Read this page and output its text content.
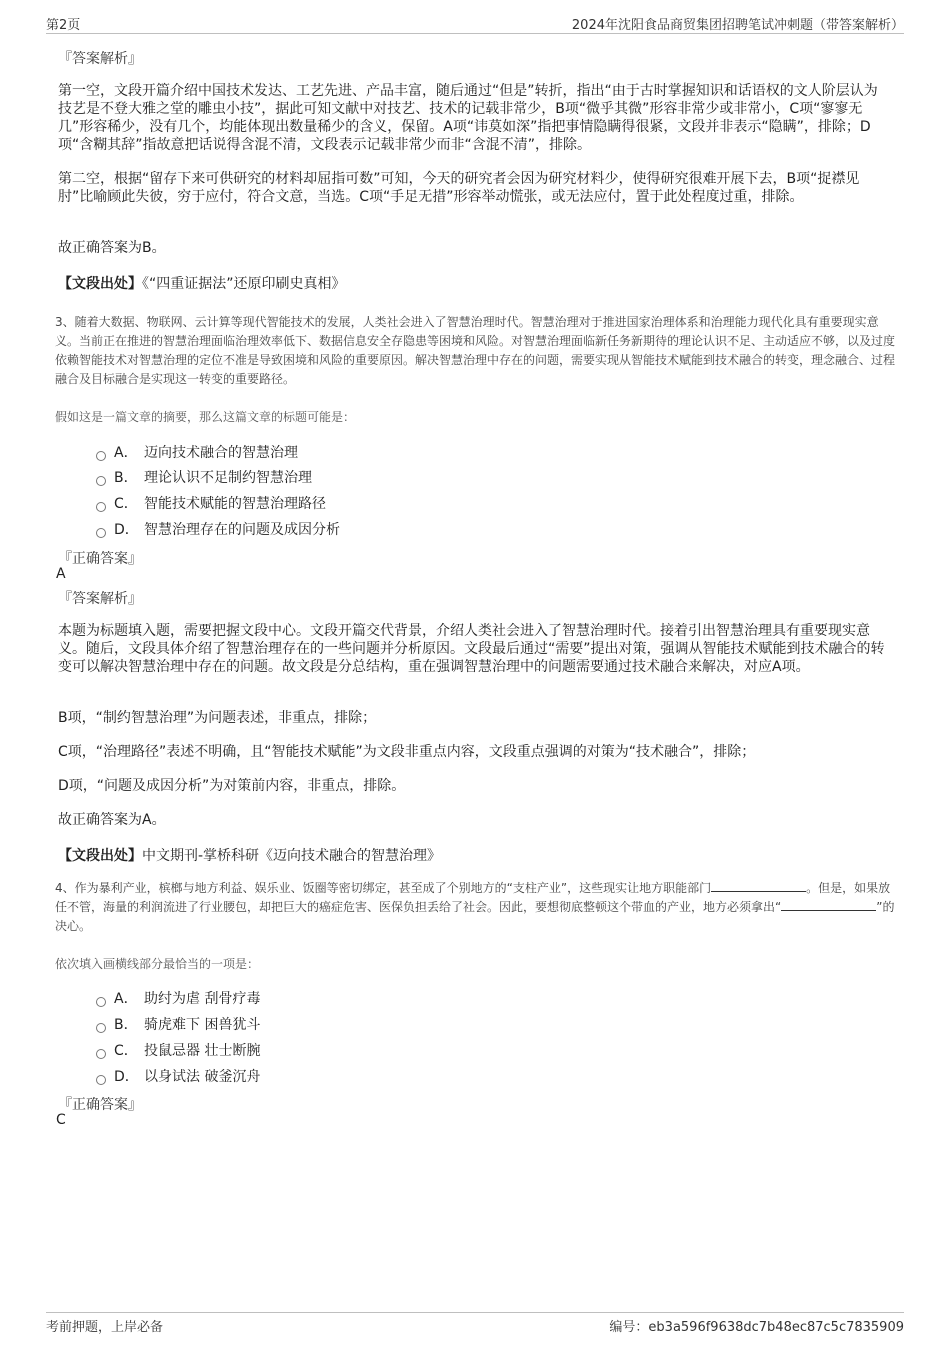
第2页	2024年沈阳食品商贸集团招聘笔试冲刺题（带答案解析）
『答案解析』
第一空，文段开篇介绍中国技术发达、工艺先进、产品丰富，随后通过“但是”转折，指出“由于古时掌握知识和话语权的文人阶层认为技艺是不登大雅之堂的雕虫小技”，据此可知文献中对技艺、技术的记载非常少，B项“微乎其微”形容非常少或非常小，C项“寥寥无几”形容稀少，没有几个，均能体现出数量稀少的含义，保留。A项“讳莫如深”指把事情隐瞒得很紧，文段并非表示“隐瞒”，排除；D项“含糊其辞”指故意把话说得含混不清，文段表示记载非常少而非“含混不清”，排除。
第二空，根据“留存下来可供研究的材料却屈指可数”可知，今天的研究者会因为研究材料少，使得研究很难开展下去，B项“捉襟见肘”比喻顾此失彼，穷于应付，符合文意，当选。C项“手足无措”形容举动慌张，或无法应付，置于此处程度过重，排除。
故正确答案为B。
【文段出处】《“四重证据法”还原印刷史真相》
3、随着大数据、物联网、云计算等现代智能技术的发展，人类社会进入了智慧治理时代。智慧治理对于推进国家治理体系和治理能力现代化具有重要现实意义。当前正在推进的智慧治理面临治理效率低下、数据信息安全存隐患等困境和风险。对智慧治理面临新任务新期待的理论认识不足、主动适应不够，以及过度依赖智能技术对智慧治理的定位不准是导致困境和风险的重要原因。解决智慧治理中存在的问题，需要实现从智能技术赋能到技术融合的转变，理念融合、过程融合及目标融合是实现这一转变的重要路径。
假如这是一篇文章的摘要，那么这篇文章的标题可能是：
A． 迈向技术融合的智慧治理
B． 理论认识不足制约智慧治理
C． 智能技术赋能的智慧治理路径
D． 智慧治理存在的问题及成因分析
『正确答案』
A
『答案解析』
本题为标题填入题，需要把握文段中心。文段开篇交代背景，介绍人类社会进入了智慧治理时代。接着引出智慧治理具有重要现实意义。随后，文段具体介绍了智慧治理存在的一些问题并分析原因。文段最后通过“需要”提出对策，强调从智能技术赋能到技术融合的转变可以解决智慧治理中存在的问题。故文段是分总结构，重在强调智慧治理中的问题需要通过技术融合来解决，对应A项。
B项，“制约智慧治理”为问题表述，非重点，排除；
C项，“治理路径”表述不明确，且“智能技术赋能”为文段非重点内容，文段重点强调的对策为“技术融合”，排除；
D项，“问题及成因分析”为对策前内容，非重点，排除。
故正确答案为A。
【文段出处】中文期刊-掌桥科研《迈向技术融合的智慧治理》
4、作为暴利产业，槟榔与地方利益、娱乐业、饭圈等密切绑定，甚至成了个别地方的“支柱产业”，这些现实让地方职能部门	。但是，如果放任不管，海量的利润流进了行业腰包，却把巨大的癌症危害、医保负担丢给了社会。因此，要想彻底整顿这个带血的产业，地方必须拿出“	”的决心。
依次填入画横线部分最恰当的一项是：
A． 助纣为虐 刮骨疗毒
B． 骑虎难下 困兽犹斗
C． 投鼠忌器 壮士断腕
D． 以身试法 破釜沉舟
『正确答案』
C
考前押题，上岸必备	编号：eb3a596f9638dc7b48ec87c5c7835909
